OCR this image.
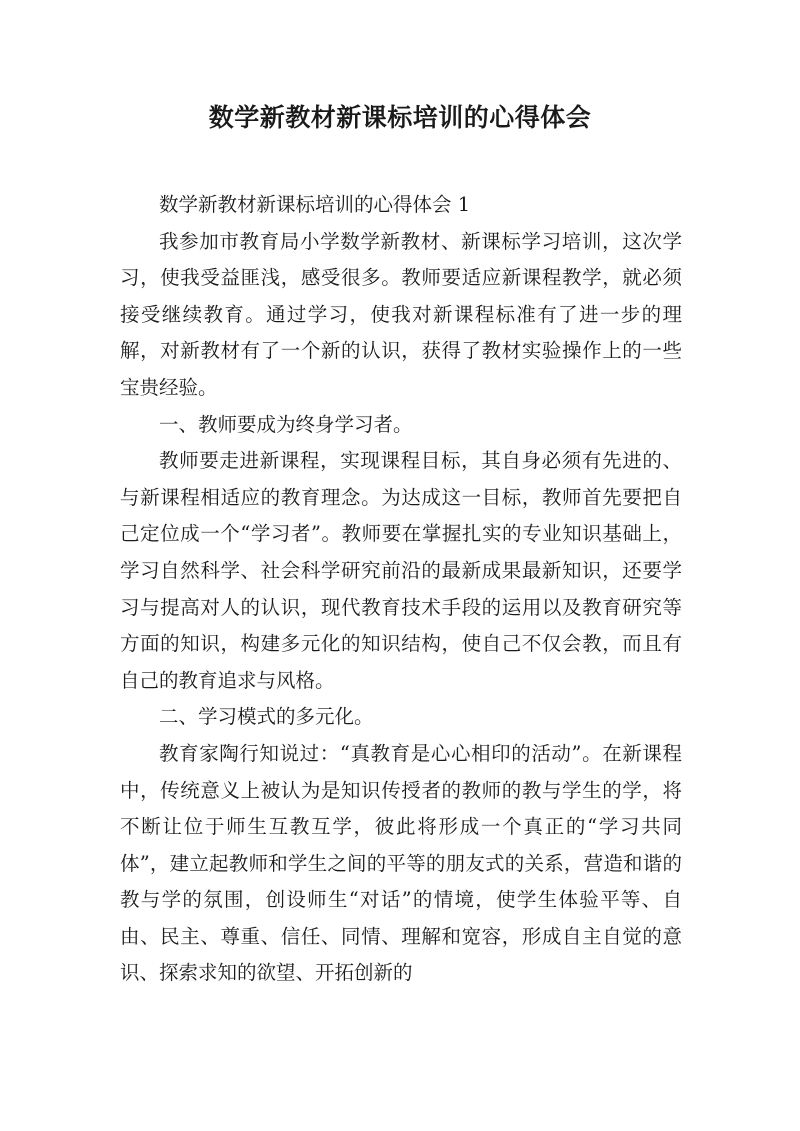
数学新教材新课标培训的心得体会

数学新教材新课标培训的心得体会 1

我参加市教育局小学数学新教材、新课标学习培训，这次学习，使我受益匪浅，感受很多。教师要适应新课程教学，就必须接受继续教育。通过学习，使我对新课程标准有了进一步的理解，对新教材有了一个新的认识，获得了教材实验操作上的一些宝贵经验。

一、教师要成为终身学习者。

教师要走进新课程，实现课程目标，其自身必须有先进的、与新课程相适应的教育理念。为达成这一目标，教师首先要把自己定位成一个“学习者”。教师要在掌握扎实的专业知识基础上，学习自然科学、社会科学研究前沿的最新成果最新知识，还要学习与提高对人的认识，现代教育技术手段的运用以及教育研究等方面的知识，构建多元化的知识结构，使自己不仅会教，而且有自己的教育追求与风格。

二、学习模式的多元化。

教育家陶行知说过：“真教育是心心相印的活动”。在新课程中，传统意义上被认为是知识传授者的教师的教与学生的学，将不断让位于师生互教互学，彼此将形成一个真正的“学习共同体”，建立起教师和学生之间的平等的朋友式的关系，营造和谐的教与学的氛围，创设师生“对话”的情境，使学生体验平等、自由、民主、尊重、信任、同情、理解和宽容，形成自主自觉的意识、探索求知的欲望、开拓创新的
